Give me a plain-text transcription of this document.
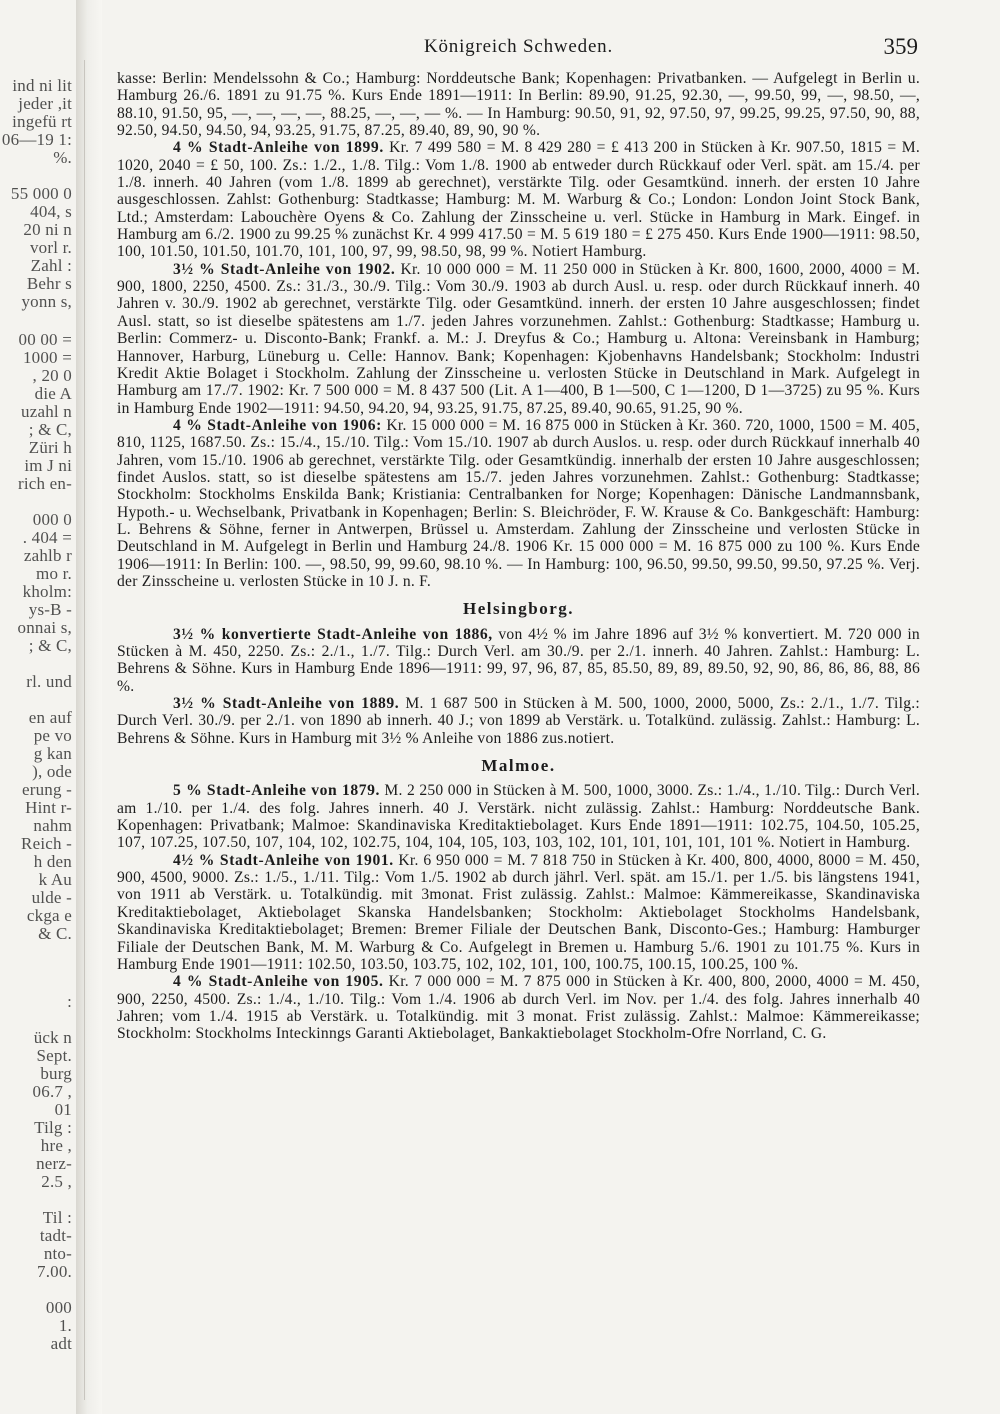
ind ni lit
jeder ,it
ingefü rt
06—19 1:
%.
55 000 0
404, s
20 ni n
vorl r.
Zahl :
Behr s
yonn s,
00 00 =
1000 =
, 20 0
die A
uzahl n
; & C,
Züri h
im J ni
rich en-
000 0
. 404 =
zahlb r
mo r.
kholm:
ys-B -
onnai s,
; & C,
rl. und
en auf
pe vo
g kan
), ode
erung -
Hint r-
nahm
Reich -
h den
k Au
ulde -
ckga e
& C.
:
ück n
Sept.
burg
06.7 ,
01
Tilg :
hre ,
nerz-
2.5 ,
Til :
tadt-
nto-
7.00.
000
1.
adt
Königreich Schweden.	359

kasse: Berlin: Mendelssohn & Co.; Hamburg: Norddeutsche Bank; Kopenhagen: Privatbanken. — Aufgelegt in Berlin u. Hamburg 26./6. 1891 zu 91.75 %. Kurs Ende 1891—1911: In Berlin: 89.90, 91.25, 92.30, —, 99.50, 99, —, 98.50, —, 88.10, 91.50, 95, —, —, —, —, 88.25, —, —, — %. — In Hamburg: 90.50, 91, 92, 97.50, 97, 99.25, 99.25, 97.50, 90, 88, 92.50, 94.50, 94.50, 94, 93.25, 91.75, 87.25, 89.40, 89, 90, 90 %.

4 % Stadt-Anleihe von 1899. Kr. 7 499 580 = M. 8 429 280 = £ 413 200 in Stücken à Kr. 907.50, 1815 = M. 1020, 2040 = £ 50, 100. Zs.: 1./2., 1./8. Tilg.: Vom 1./8. 1900 ab entweder durch Rückkauf oder Verl. spät. am 15./4. per 1./8. innerh. 40 Jahren (vom 1./8. 1899 ab gerechnet), verstärkte Tilg. oder Gesamtkünd. innerh. der ersten 10 Jahre ausgeschlossen. Zahlst: Gothenburg: Stadtkasse; Hamburg: M. M. Warburg & Co.; London: London Joint Stock Bank, Ltd.; Amsterdam: Labouchère Oyens & Co. Zahlung der Zinsscheine u. verl. Stücke in Hamburg in Mark. Eingef. in Hamburg am 6./2. 1900 zu 99.25 % zunächst Kr. 4 999 417.50 = M. 5 619 180 = £ 275 450. Kurs Ende 1900—1911: 98.50, 100, 101.50, 101.50, 101.70, 101, 100, 97, 99, 98.50, 98, 99 %. Notiert Hamburg.

3½ % Stadt-Anleihe von 1902. Kr. 10 000 000 = M. 11 250 000 in Stücken à Kr. 800, 1600, 2000, 4000 = M. 900, 1800, 2250, 4500. Zs.: 31./3., 30./9. Tilg.: Vom 30./9. 1903 ab durch Ausl. u. resp. oder durch Rückkauf innerh. 40 Jahren v. 30./9. 1902 ab gerechnet, verstärkte Tilg. oder Gesamtkünd. innerh. der ersten 10 Jahre ausgeschlossen; findet Ausl. statt, so ist dieselbe spätestens am 1./7. jeden Jahres vorzunehmen. Zahlst.: Gothenburg: Stadtkasse; Hamburg u. Berlin: Commerz- u. Disconto-Bank; Frankf. a. M.: J. Dreyfus & Co.; Hamburg u. Altona: Vereinsbank in Hamburg; Hannover, Harburg, Lüneburg u. Celle: Hannov. Bank; Kopenhagen: Kjobenhavns Handelsbank; Stockholm: Industri Kredit Aktie Bolaget i Stockholm. Zahlung der Zinsscheine u. verlosten Stücke in Deutschland in Mark. Aufgelegt in Hamburg am 17./7. 1902: Kr. 7 500 000 = M. 8 437 500 (Lit. A 1—400, B 1—500, C 1—1200, D 1—3725) zu 95 %. Kurs in Hamburg Ende 1902—1911: 94.50, 94.20, 94, 93.25, 91.75, 87.25, 89.40, 90.65, 91.25, 90 %.

4 % Stadt-Anleihe von 1906: Kr. 15 000 000 = M. 16 875 000 in Stücken à Kr. 360. 720, 1000, 1500 = M. 405, 810, 1125, 1687.50. Zs.: 15./4., 15./10. Tilg.: Vom 15./10. 1907 ab durch Auslos. u. resp. oder durch Rückkauf innerhalb 40 Jahren, vom 15./10. 1906 ab gerechnet, verstärkte Tilg. oder Gesamtkündig. innerhalb der ersten 10 Jahre ausgeschlossen; findet Auslos. statt, so ist dieselbe spätestens am 15./7. jeden Jahres vorzunehmen. Zahlst.: Gothenburg: Stadtkasse; Stockholm: Stockholms Enskilda Bank; Kristiania: Centralbanken for Norge; Kopenhagen: Dänische Landmannsbank, Hypoth.- u. Wechselbank, Privatbank in Kopenhagen; Berlin: S. Bleichröder, F. W. Krause & Co. Bankgeschäft: Hamburg: L. Behrens & Söhne, ferner in Antwerpen, Brüssel u. Amsterdam. Zahlung der Zinsscheine und verlosten Stücke in Deutschland in M. Aufgelegt in Berlin und Hamburg 24./8. 1906 Kr. 15 000 000 = M. 16 875 000 zu 100 %. Kurs Ende 1906—1911: In Berlin: 100. —, 98.50, 99, 99.60, 98.10 %. — In Hamburg: 100, 96.50, 99.50, 99.50, 99.50, 97.25 %. Verj. der Zinsscheine u. verlosten Stücke in 10 J. n. F.

Helsingborg.

3½ % konvertierte Stadt-Anleihe von 1886, von 4½ % im Jahre 1896 auf 3½ % konvertiert. M. 720 000 in Stücken à M. 450, 2250. Zs.: 2./1., 1./7. Tilg.: Durch Verl. am 30./9. per 2./1. innerh. 40 Jahren. Zahlst.: Hamburg: L. Behrens & Söhne. Kurs in Hamburg Ende 1896—1911: 99, 97, 96, 87, 85, 85.50, 89, 89, 89.50, 92, 90, 86, 86, 86, 88, 86 %.

3½ % Stadt-Anleihe von 1889. M. 1 687 500 in Stücken à M. 500, 1000, 2000, 5000, Zs.: 2./1., 1./7. Tilg.: Durch Verl. 30./9. per 2./1. von 1890 ab innerh. 40 J.; von 1899 ab Verstärk. u. Totalkünd. zulässig. Zahlst.: Hamburg: L. Behrens & Söhne. Kurs in Hamburg mit 3½ % Anleihe von 1886 zus.notiert.

Malmoe.

5 % Stadt-Anleihe von 1879. M. 2 250 000 in Stücken à M. 500, 1000, 3000. Zs.: 1./4., 1./10. Tilg.: Durch Verl. am 1./10. per 1./4. des folg. Jahres innerh. 40 J. Verstärk. nicht zulässig. Zahlst.: Hamburg: Norddeutsche Bank. Kopenhagen: Privatbank; Malmoe: Skandinaviska Kreditaktiebolaget. Kurs Ende 1891—1911: 102.75, 104.50, 105.25, 107, 107.25, 107.50, 107, 104, 102, 102.75, 104, 104, 105, 103, 103, 102, 101, 101, 101, 101, 101 %. Notiert in Hamburg.

4½ % Stadt-Anleihe von 1901. Kr. 6 950 000 = M. 7 818 750 in Stücken à Kr. 400, 800, 4000, 8000 = M. 450, 900, 4500, 9000. Zs.: 1./5., 1./11. Tilg.: Vom 1./5. 1902 ab durch jährl. Verl. spät. am 15./1. per 1./5. bis längstens 1941, von 1911 ab Verstärk. u. Totalkündig. mit 3monat. Frist zulässig. Zahlst.: Malmoe: Kämmereikasse, Skandinaviska Kreditaktiebolaget, Aktiebolaget Skanska Handelsbanken; Stockholm: Aktiebolaget Stockholms Handelsbank, Skandinaviska Kreditaktiebolaget; Bremen: Bremer Filiale der Deutschen Bank, Disconto-Ges.; Hamburg: Hamburger Filiale der Deutschen Bank, M. M. Warburg & Co. Aufgelegt in Bremen u. Hamburg 5./6. 1901 zu 101.75 %. Kurs in Hamburg Ende 1901—1911: 102.50, 103.50, 103.75, 102, 102, 101, 100, 100.75, 100.15, 100.25, 100 %.

4 % Stadt-Anleihe von 1905. Kr. 7 000 000 = M. 7 875 000 in Stücken à Kr. 400, 800, 2000, 4000 = M. 450, 900, 2250, 4500. Zs.: 1./4., 1./10. Tilg.: Vom 1./4. 1906 ab durch Verl. im Nov. per 1./4. des folg. Jahres innerhalb 40 Jahren; vom 1./4. 1915 ab Verstärk. u. Totalkündig. mit 3 monat. Frist zulässig. Zahlst.: Malmoe: Kämmereikasse; Stockholm: Stockholms Inteckinngs Garanti Aktiebolaget, Bankaktiebolaget Stockholm-Ofre Norrland, C. G.
